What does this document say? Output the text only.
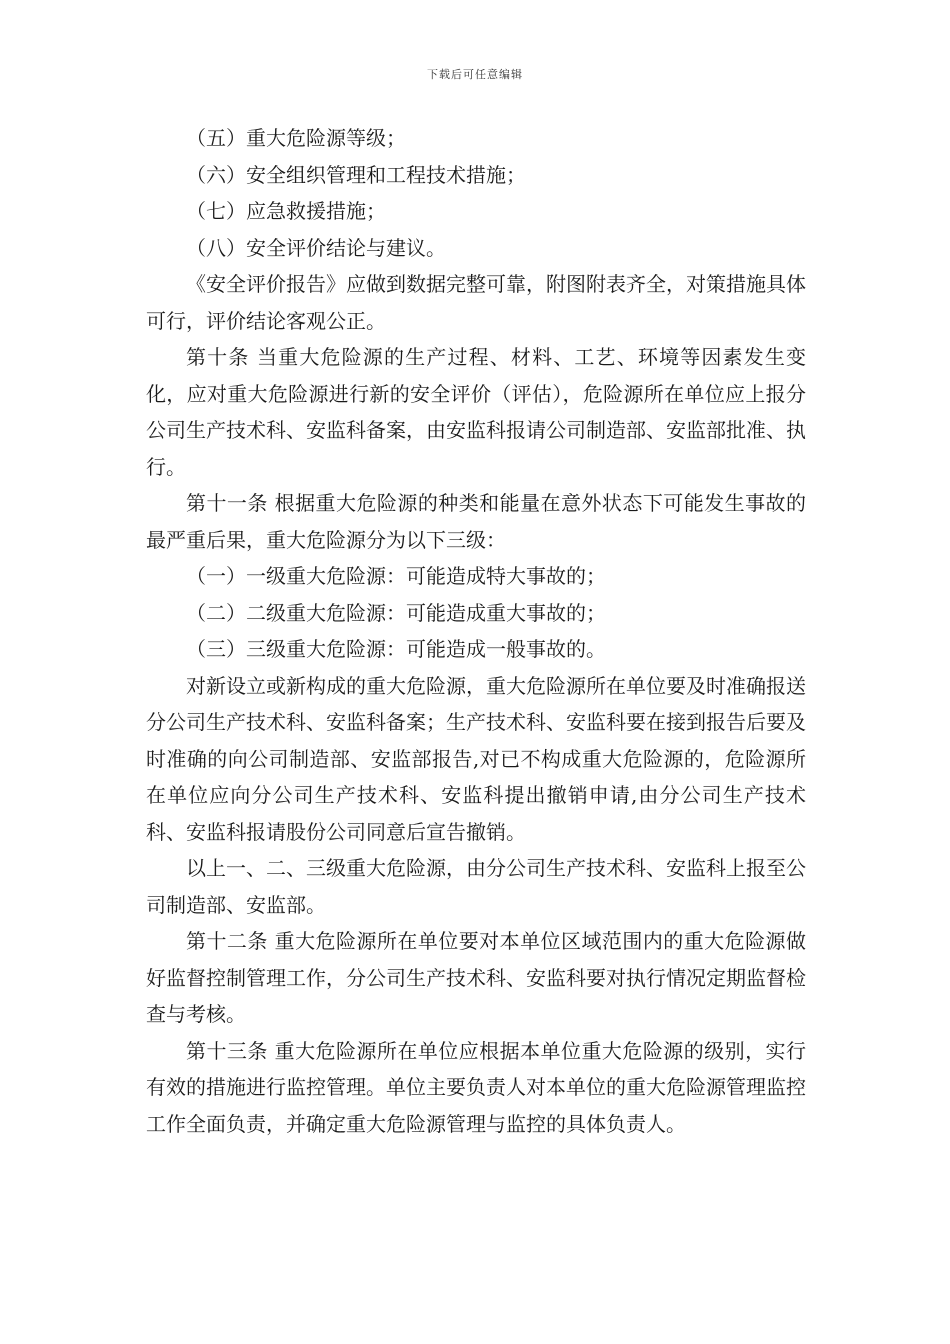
下载后可任意编辑

（五）重大危险源等级；

（六）安全组织管理和工程技术措施；

（七）应急救援措施；

（八）安全评价结论与建议。

《安全评价报告》应做到数据完整可靠，附图附表齐全，对策措施具体可行，评价结论客观公正。

第十条 当重大危险源的生产过程、材料、工艺、环境等因素发生变化，应对重大危险源进行新的安全评价（评估），危险源所在单位应上报分公司生产技术科、安监科备案，由安监科报请公司制造部、安监部批准、执行。

第十一条 根据重大危险源的种类和能量在意外状态下可能发生事故的最严重后果，重大危险源分为以下三级：

（一）一级重大危险源：可能造成特大事故的；

（二）二级重大危险源：可能造成重大事故的；

（三）三级重大危险源：可能造成一般事故的。

对新设立或新构成的重大危险源，重大危险源所在单位要及时准确报送分公司生产技术科、安监科备案；生产技术科、安监科要在接到报告后要及时准确的向公司制造部、安监部报告,对已不构成重大危险源的，危险源所在单位应向分公司生产技术科、安监科提出撤销申请,由分公司生产技术科、安监科报请股份公司同意后宣告撤销。

以上一、二、三级重大危险源，由分公司生产技术科、安监科上报至公司制造部、安监部。

第十二条 重大危险源所在单位要对本单位区域范围内的重大危险源做好监督控制管理工作，分公司生产技术科、安监科要对执行情况定期监督检查与考核。

第十三条 重大危险源所在单位应根据本单位重大危险源的级别，实行有效的措施进行监控管理。单位主要负责人对本单位的重大危险源管理监控工作全面负责，并确定重大危险源管理与监控的具体负责人。
